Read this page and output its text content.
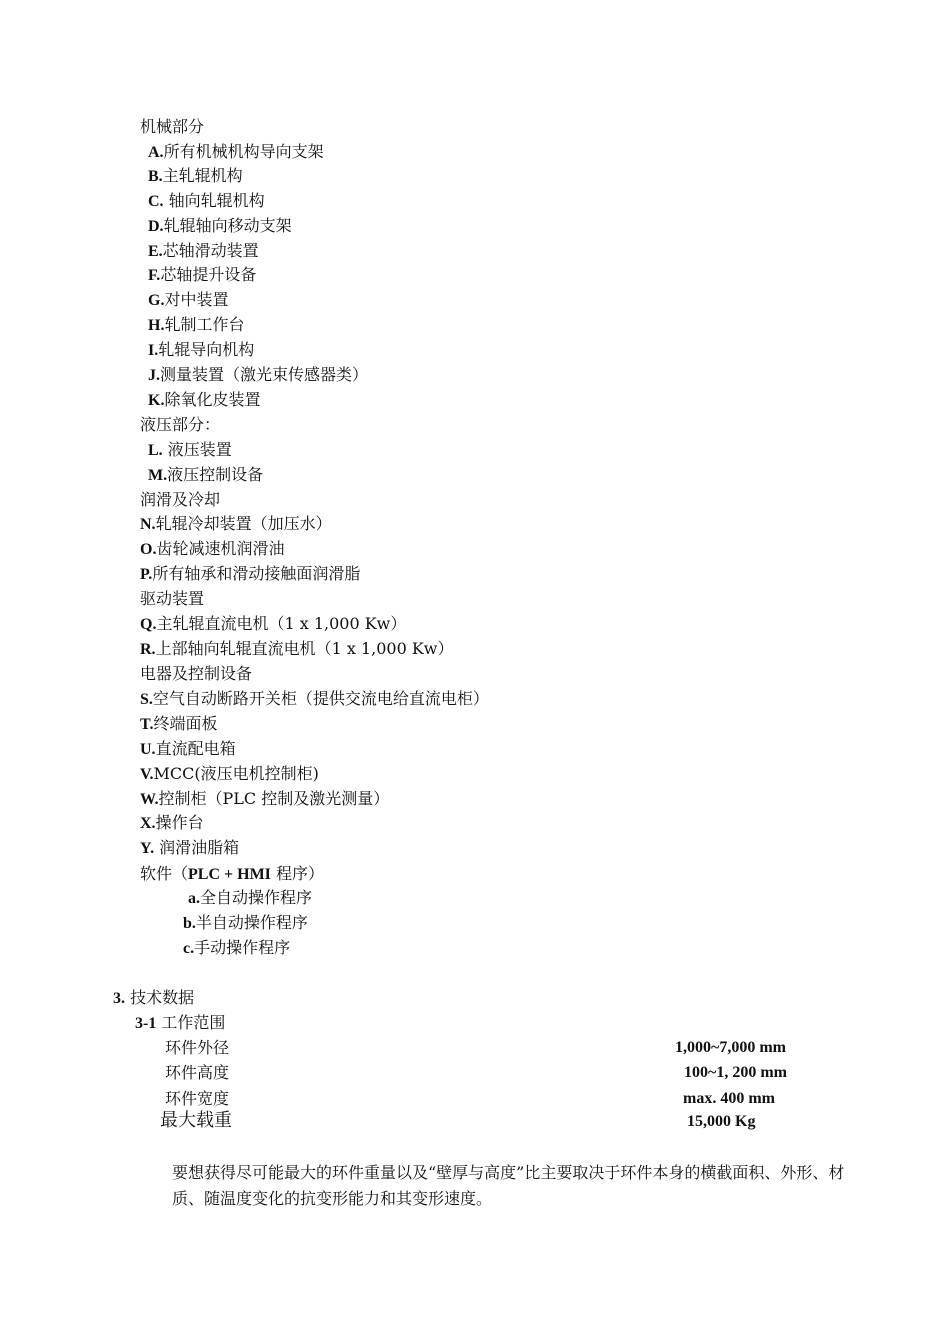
机械部分
A.所有机械机构导向支架
B.主轧辊机构
C. 轴向轧辊机构
D.轧辊轴向移动支架
E.芯轴滑动装置
F.芯轴提升设备
G.对中装置
H.轧制工作台
I.轧辊导向机构
J.测量装置（激光束传感器类）
K.除氧化皮装置
液压部分：
L. 液压装置
M.液压控制设备
润滑及冷却
N.轧辊冷却装置（加压水）
O.齿轮减速机润滑油
P.所有轴承和滑动接触面润滑脂
驱动装置
Q.主轧辊直流电机（1 x 1,000 Kw）
R.上部轴向轧辊直流电机（1 x 1,000 Kw）
电器及控制设备
S.空气自动断路开关柜（提供交流电给直流电柜）
T.终端面板
U.直流配电箱
V.MCC(液压电机控制柜)
W.控制柜（PLC 控制及激光测量）
X.操作台
Y. 润滑油脂箱
软件（PLC + HMI 程序）
a.全自动操作程序
b.半自动操作程序
c.手动操作程序
3. 技术数据
3-1 工作范围
环件外径	1,000~7,000 mm
环件高度	100~1, 200 mm
环件宽度	max. 400 mm
最大载重	15,000 Kg
要想获得尽可能最大的环件重量以及“壁厚与高度”比主要取决于环件本身的横截面积、外形、材质、随温度变化的抗变形能力和其变形速度。
